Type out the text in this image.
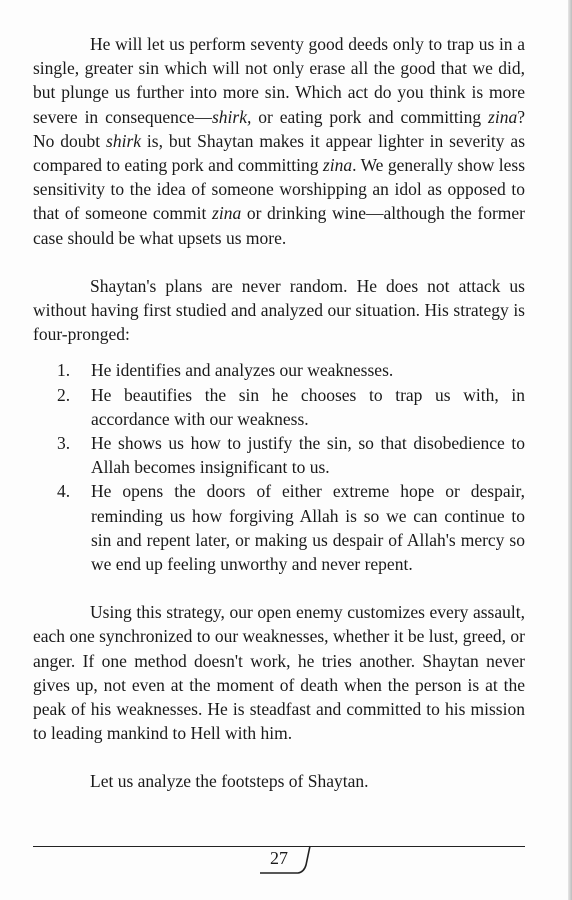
He will let us perform seventy good deeds only to trap us in a single, greater sin which will not only erase all the good that we did, but plunge us further into more sin. Which act do you think is more severe in consequence—shirk, or eating pork and committing zina? No doubt shirk is, but Shaytan makes it appear lighter in severity as compared to eating pork and committing zina. We generally show less sensitivity to the idea of someone worshipping an idol as opposed to that of someone commit zina or drinking wine—although the former case should be what upsets us more.

Shaytan's plans are never random. He does not attack us without having first studied and analyzed our situation. His strategy is four-pronged:

1. He identifies and analyzes our weaknesses.
2. He beautifies the sin he chooses to trap us with, in accordance with our weakness.
3. He shows us how to justify the sin, so that disobedience to Allah becomes insignificant to us.
4. He opens the doors of either extreme hope or despair, reminding us how forgiving Allah is so we can continue to sin and repent later, or making us despair of Allah's mercy so we end up feeling unworthy and never repent.

Using this strategy, our open enemy customizes every assault, each one synchronized to our weaknesses, whether it be lust, greed, or anger. If one method doesn't work, he tries another. Shaytan never gives up, not even at the moment of death when the person is at the peak of his weaknesses. He is steadfast and committed to his mission to leading mankind to Hell with him.

Let us analyze the footsteps of Shaytan.

27
